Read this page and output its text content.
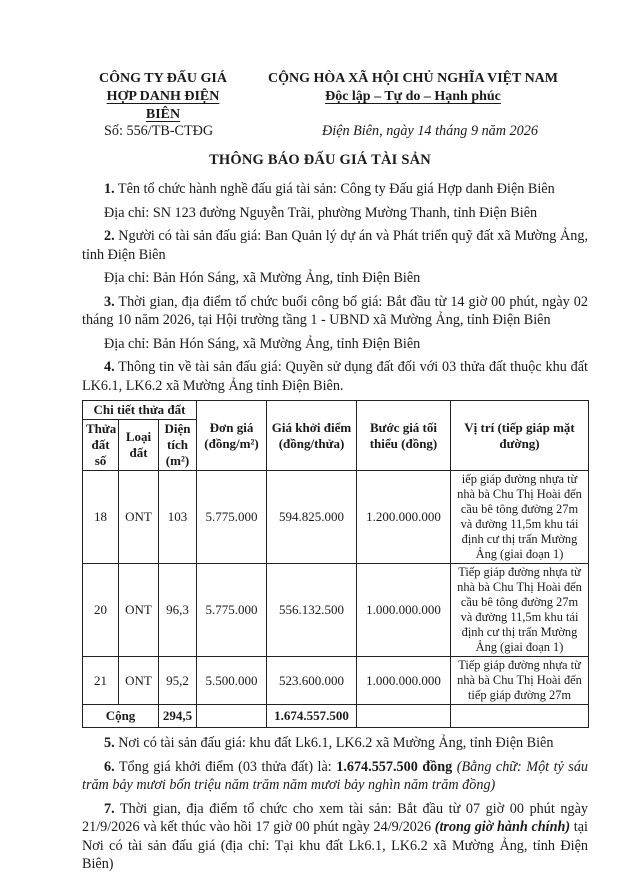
CÔNG TY ĐẤU GIÁ
HỢP DANH ĐIỆN BIÊN
CỘNG HÒA XÃ HỘI CHỦ NGHĨA VIỆT NAM
Độc lập – Tự do – Hạnh phúc
Số: 556/TB-CTĐG	Điện Biên, ngày 14 tháng 9 năm 2026
THÔNG BÁO ĐẤU GIÁ TÀI SẢN

1. Tên tổ chức hành nghề đấu giá tài sản: Công ty Đấu giá Hợp danh Điện Biên

Địa chỉ: SN 123 đường Nguyễn Trãi, phường Mường Thanh, tỉnh Điện Biên

2. Người có tài sản đấu giá: Ban Quản lý dự án và Phát triển quỹ đất xã Mường Ảng, tỉnh Điện Biên

Địa chỉ: Bản Hón Sáng, xã Mường Ảng, tỉnh Điện Biên

3. Thời gian, địa điểm tổ chức buổi công bố giá: Bắt đầu từ 14 giờ 00 phút, ngày 02 tháng 10 năm 2026, tại Hội trường tầng 1 - UBND xã Mường Ảng, tỉnh Điện Biên

Địa chỉ: Bản Hón Sáng, xã Mường Ảng, tỉnh Điện Biên

4. Thông tin về tài sản đấu giá: Quyền sử dụng đất đối với 03 thửa đất thuộc khu đất LK6.1, LK6.2 xã Mường Ảng tỉnh Điện Biên.

Chi tiết thửa đất			Đơn giá (đồng/m²)	Giá khởi điểm (đồng/thửa)	Bước giá tối thiểu (đồng)	Vị trí (tiếp giáp mặt đường)
Thửa đất số	Loại đất	Diện tích (m²)				
18	ONT	103	5.775.000	594.825.000	1.200.000.000	iếp giáp đường nhựa từ nhà bà Chu Thị Hoài đến cầu bê tông đường 27m và đường 11,5m khu tái định cư thị trấn Mường Ảng (giai đoạn 1)
20	ONT	96,3	5.775.000	556.132.500	1.000.000.000	Tiếp giáp đường nhựa từ nhà bà Chu Thị Hoài đến cầu bê tông đường 27m và đường 11,5m khu tái định cư thị trấn Mường Ảng (giai đoạn 1)
21	ONT	95,2	5.500.000	523.600.000	1.000.000.000	Tiếp giáp đường nhựa từ nhà bà Chu Thị Hoài đến tiếp giáp đường 27m
Cộng		294,5		1.674.557.500		

5. Nơi có tài sản đấu giá: khu đất Lk6.1, LK6.2 xã Mường Ảng, tỉnh Điện Biên

6. Tổng giá khởi điểm (03 thửa đất) là: 1.674.557.500 đồng (Bằng chữ: Một tỷ sáu trăm bảy mươi bốn triệu năm trăm năm mươi bảy nghìn năm trăm đồng)

7. Thời gian, địa điểm tổ chức cho xem tài sản: Bắt đầu từ 07 giờ 00 phút ngày 21/9/2026 và kết thúc vào hồi 17 giờ 00 phút ngày 24/9/2026 (trong giờ hành chính) tại Nơi có tài sản đấu giá (địa chỉ: Tại khu đất Lk6.1, LK6.2 xã Mường Ảng, tỉnh Điện Biên)
